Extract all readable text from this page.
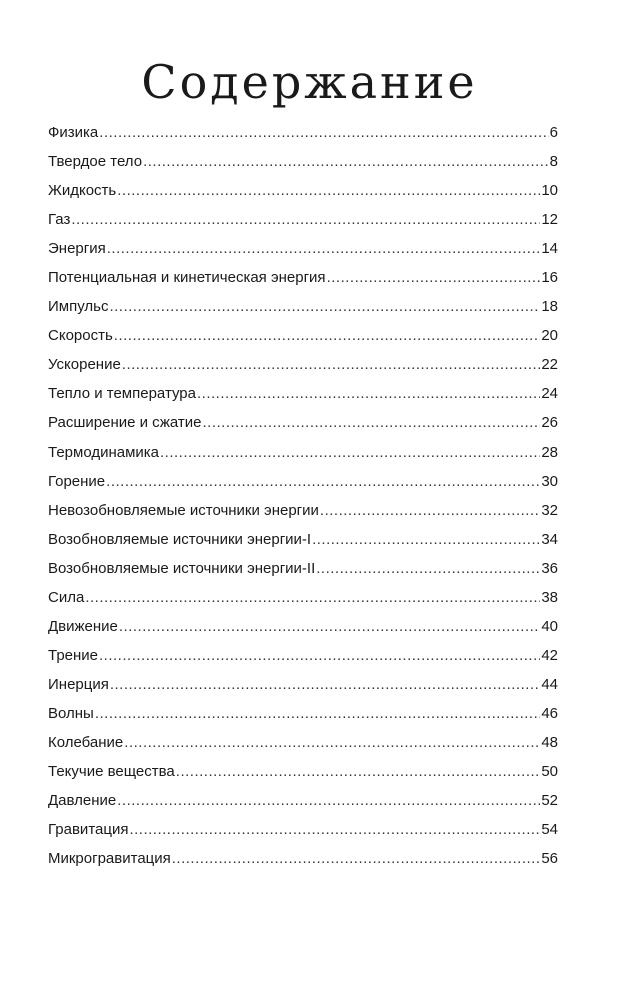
Содержание
Физика .....	6
Твердое тело .....	8
Жидкость .....	10
Газ .....	12
Энергия .....	14
Потенциальная и кинетическая энергия .....	16
Импульс .....	18
Скорость .....	20
Ускорение .....	22
Тепло и температура .....	24
Расширение и сжатие .....	26
Термодинамика .....	28
Горение .....	30
Невозобновляемые источники энергии .....	32
Возобновляемые источники энергии-I .....	34
Возобновляемые источники энергии-II .....	36
Сила .....	38
Движение .....	40
Трение .....	42
Инерция .....	44
Волны .....	46
Колебание .....	48
Текучие вещества .....	50
Давление .....	52
Гравитация .....	54
Микрогравитация .....	56
